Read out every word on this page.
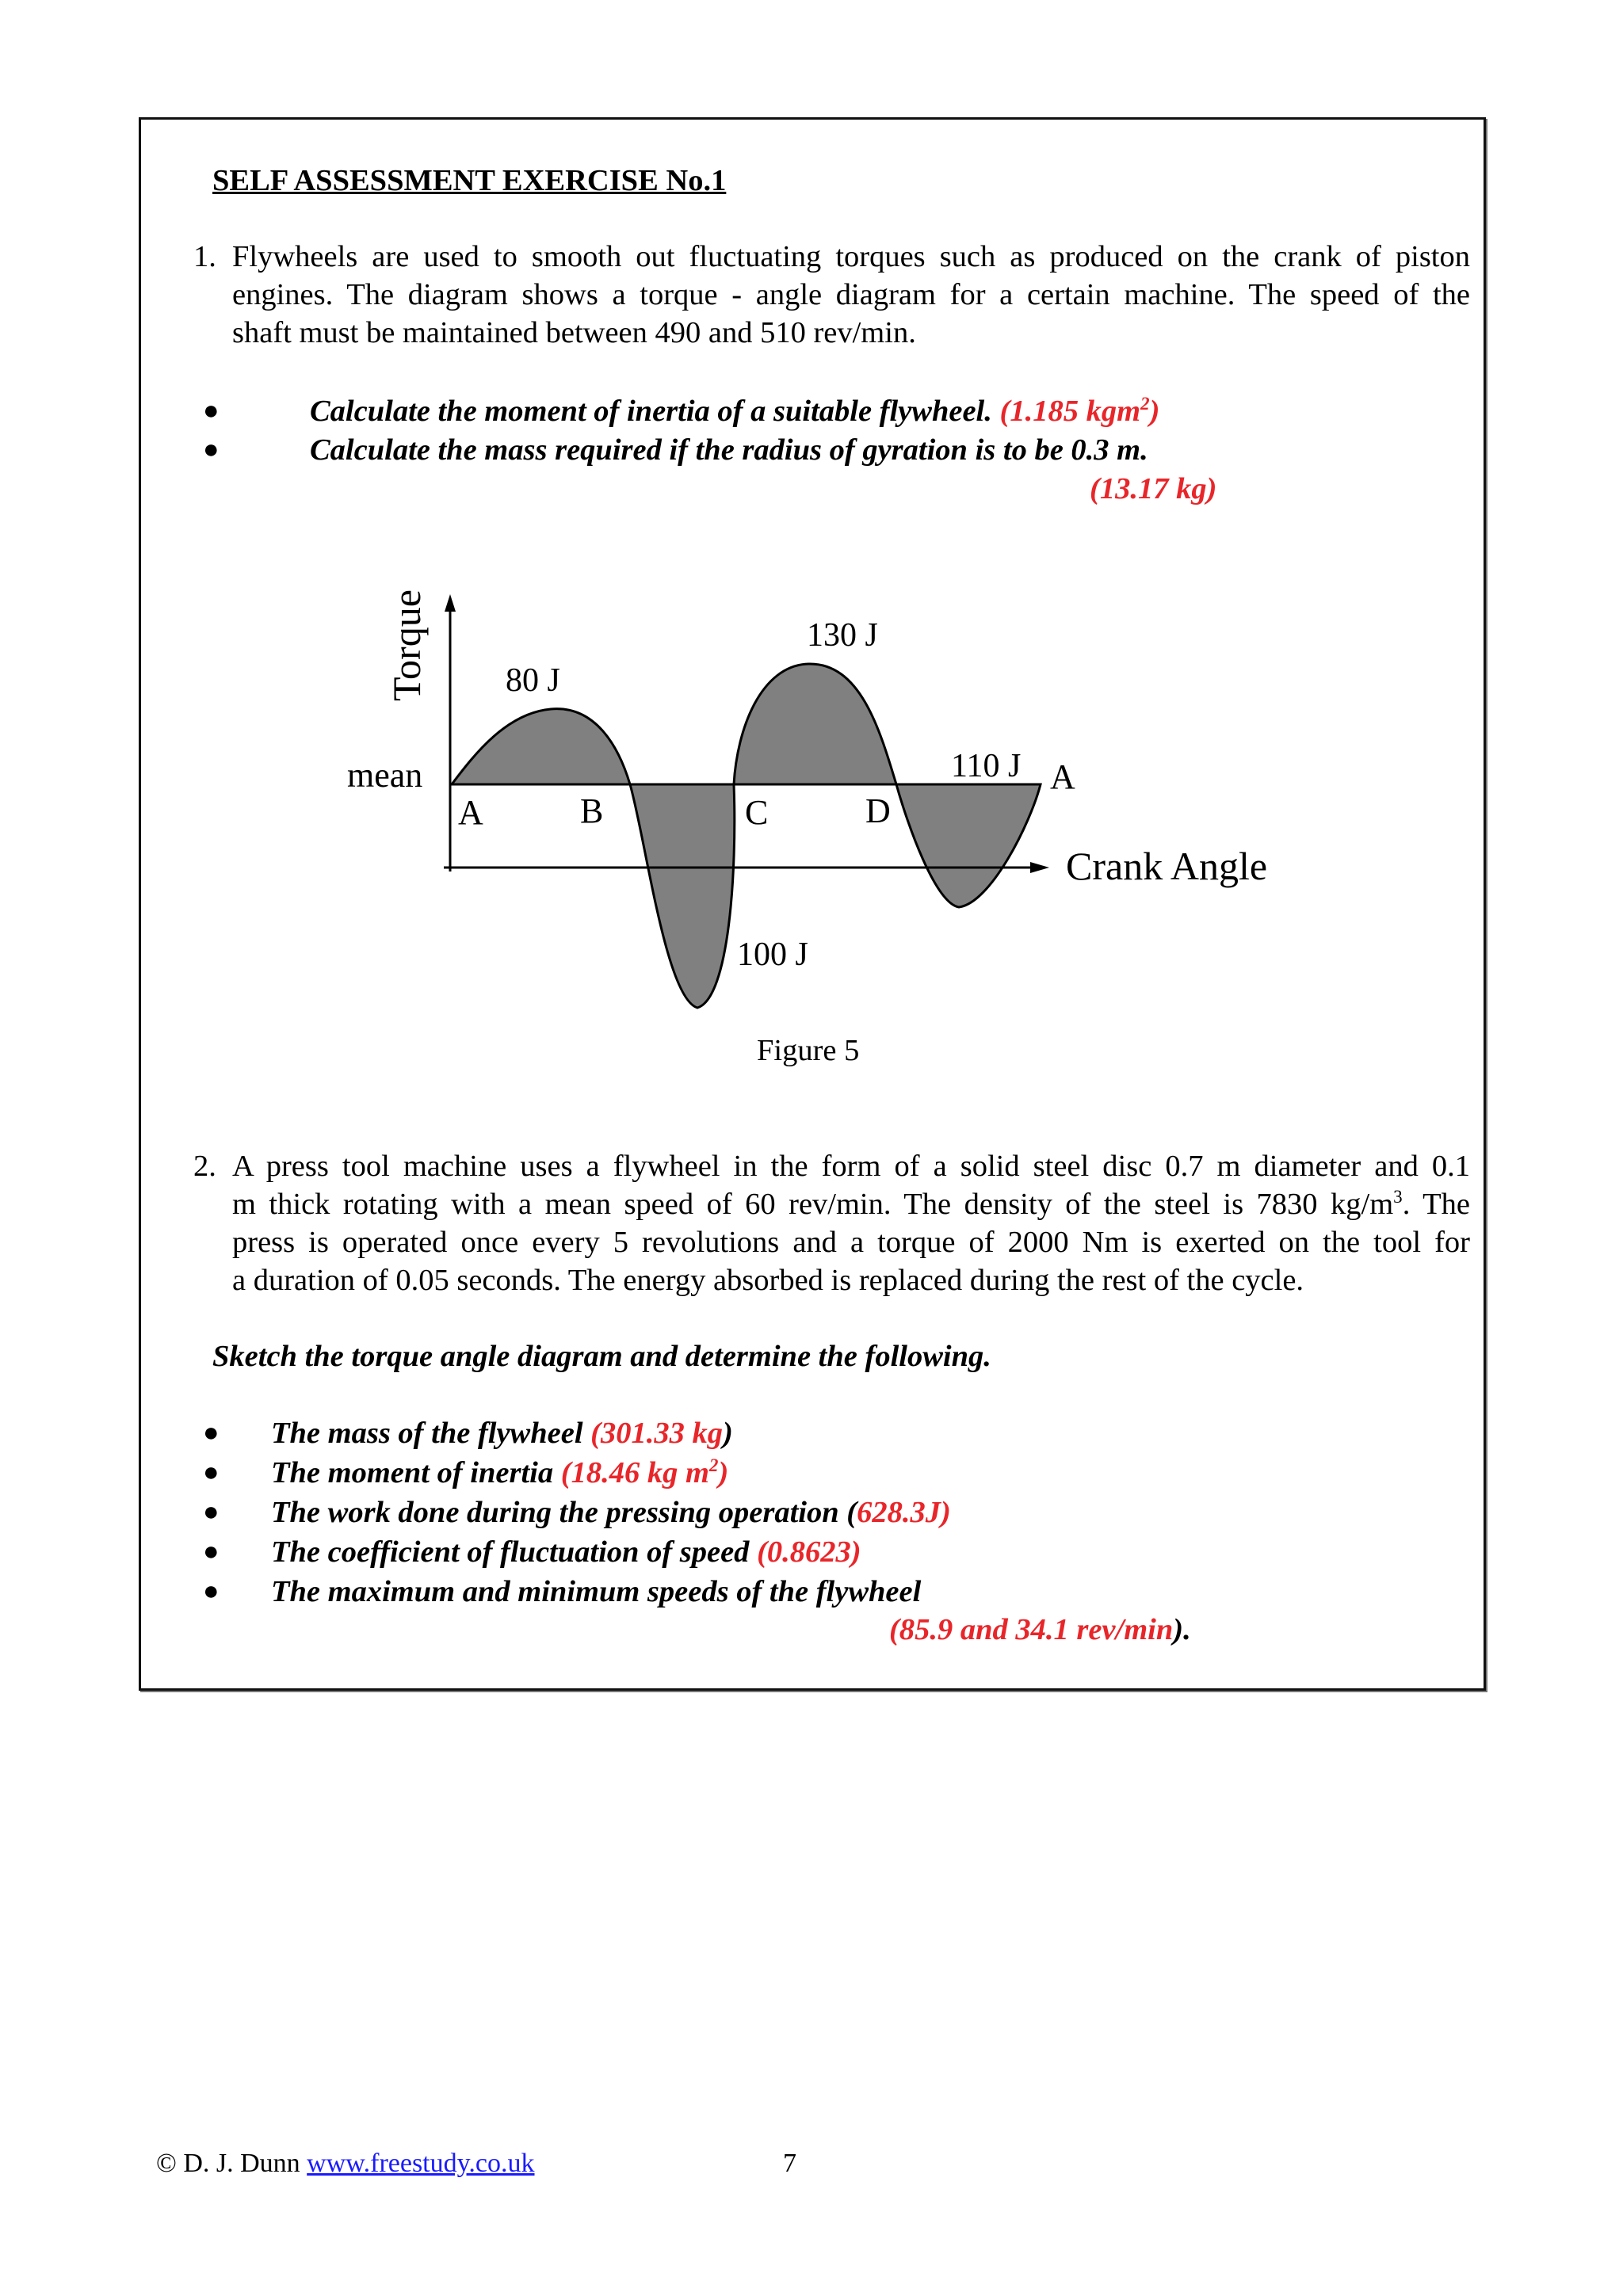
SELF ASSESSMENT EXERCISE No.1
1. Flywheels are used to smooth out fluctuating torques such as produced on the crank of piston
engines. The diagram shows a torque - angle diagram for a certain machine. The speed of the
shaft must be maintained between 490 and 510 rev/min.
●	Calculate the moment of inertia of a suitable flywheel. (1.185 kgm$^2$)
●	Calculate the mass required if the radius of gyration is to be 0.3 m.
(13.17 kg)
Torque
Crank Angle
mean
A	B	C	D
A
80 J
130 J
100 J
110 J
Figure 5
2. A press tool machine uses a flywheel in the form of a solid steel disc 0.7 m diameter and 0.1
m thick rotating with a mean speed of 60 rev/min. The density of the steel is 7830 $kg/m^3$. The
press is operated once every 5 revolutions and a torque of 2000 Nm is exerted on the tool for
a duration of 0.05 seconds. The energy absorbed is replaced during the rest of the cycle.
Sketch the torque angle diagram and determine the following.
● The mass of the flywheel (301.33 kg)
● The moment of inertia (18.46 kg $m^2$)
● The work done during the pressing operation (628.3J)
● The coefficient of fluctuation of speed (0.8623)
● The maximum and minimum speeds of the flywheel
(85.9 and 34.1 rev/min).
© D. J. Dunn www.freestudy.co.uk	7
